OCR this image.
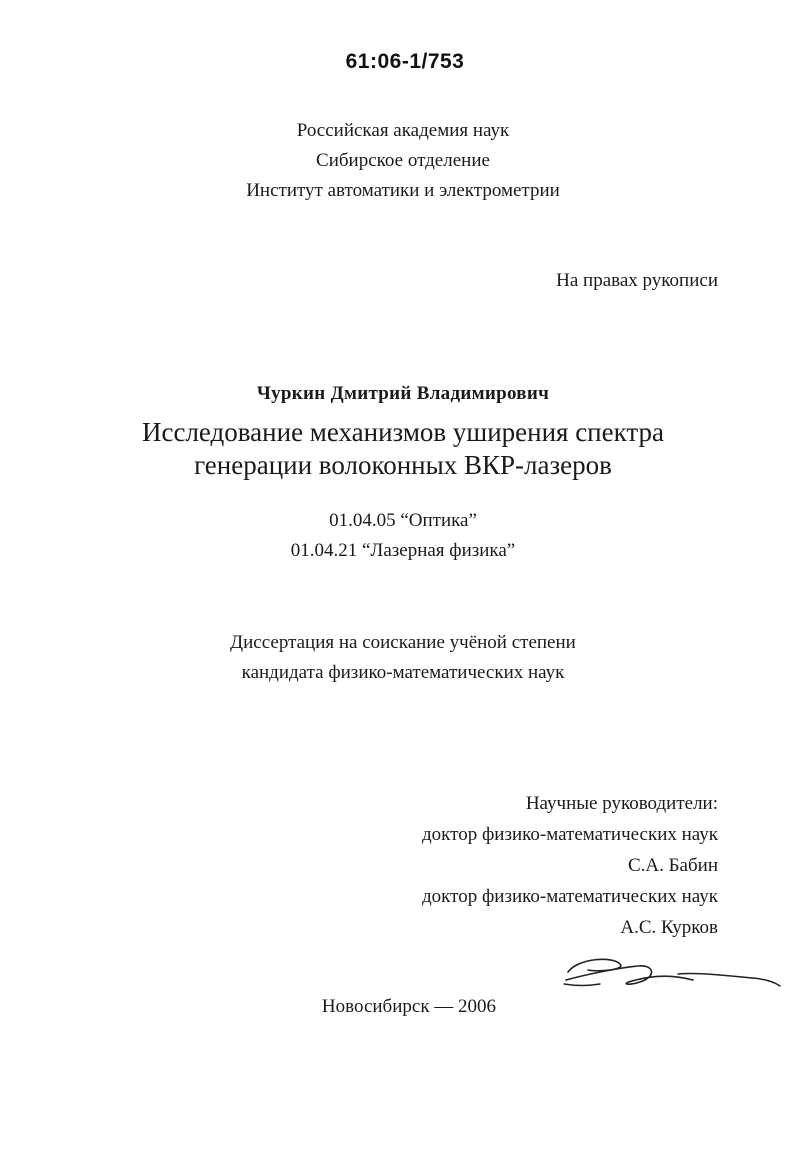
61:06-1/753
Российская академия наук
Сибирское отделение
Институт автоматики и электрометрии
На правах рукописи
Чуркин Дмитрий Владимирович
Исследование механизмов уширения спектра
генерации волоконных ВКР-лазеров
01.04.05 “Оптика”
01.04.21 “Лазерная физика”
Диссертация на соискание учёной степени
кандидата физико-математических наук
Научные руководители:
доктор физико-математических наук
С.А. Бабин
доктор физико-математических наук
А.С. Курков
Новосибирск — 2006
